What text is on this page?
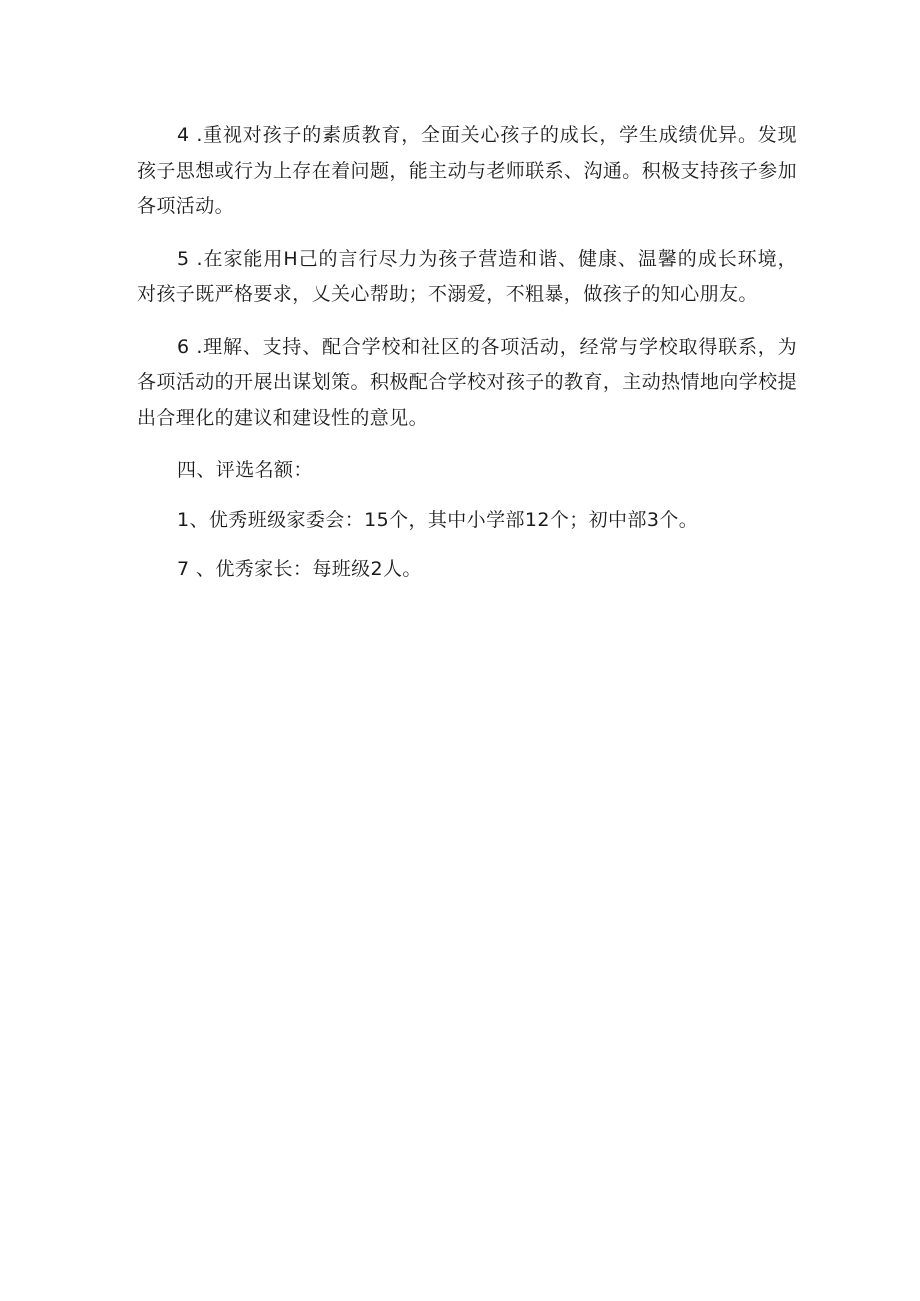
4 .重视对孩子的素质教育，全面关心孩子的成长，学生成绩优异。发现孩子思想或行为上存在着问题，能主动与老师联系、沟通。积极支持孩子参加各项活动。

5 .在家能用H己的言行尽力为孩子营造和谐、健康、温馨的成长环境，对孩子既严格要求，乂关心帮助；不溺爱，不粗暴，做孩子的知心朋友。

6 .理解、支持、配合学校和社区的各项活动，经常与学校取得联系，为各项活动的开展出谋划策。积极配合学校对孩子的教育，主动热情地向学校提出合理化的建议和建设性的意见。

四、评选名额：

1、优秀班级家委会：15个，其中小学部12个；初中部3个。

7 、优秀家长：每班级2人。
